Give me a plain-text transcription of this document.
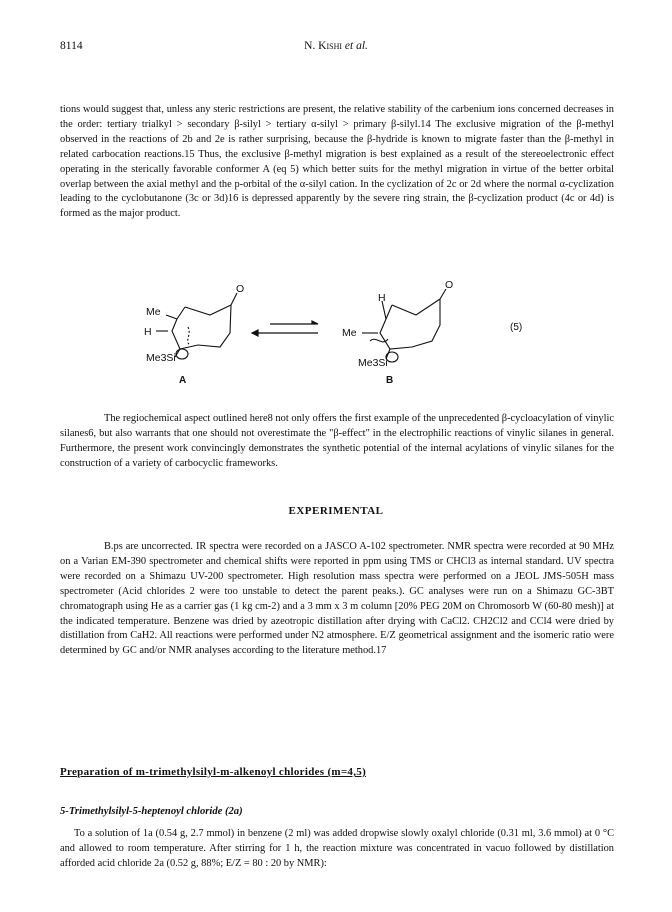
8114	N. Kishi et al.

tions would suggest that, unless any steric restrictions are present, the relative stability of the carbenium ions concerned decreases in the order: tertiary trialkyl > secondary β-silyl > tertiary α-silyl > primary β-silyl.14 The exclusive migration of the β-methyl observed in the reactions of 2b and 2e is rather surprising, because the β-hydride is known to migrate faster than the β-methyl in related carbocation reactions.15 Thus, the exclusive β-methyl migration is best explained as a result of the stereoelectronic effect operating in the sterically favorable conformer A (eq 5) which better suits for the methyl migration in virtue of the better orbital overlap between the axial methyl and the p-orbital of the α-silyl cation. In the cyclization of 2c or 2d where the normal α-cyclization leading to the cyclobutanone (3c or 3d)16 is depressed apparently by the severe ring strain, the β-cyclization product (4c or 4d) is formed as the major product.

Me
H
Me3Si
O
A
H
Me
Me3Si
O
B
(5)

The regiochemical aspect outlined here8 not only offers the first example of the unprecedented β-cycloacylation of vinylic silanes6, but also warrants that one should not overestimate the "β-effect" in the electrophilic reactions of vinylic silanes in general. Furthermore, the present work convincingly demonstrates the synthetic potential of the internal acylations of vinylic silanes for the construction of a variety of carbocyclic frameworks.

EXPERIMENTAL

B.ps are uncorrected. IR spectra were recorded on a JASCO A-102 spectrometer. NMR spectra were recorded at 90 MHz on a Varian EM-390 spectrometer and chemical shifts were reported in ppm using TMS or CHCl3 as internal standard. UV spectra were recorded on a Shimazu UV-200 spectrometer. High resolution mass spectra were performed on a JEOL JMS-505H mass spectrometer (Acid chlorides 2 were too unstable to detect the parent peaks.). GC analyses were run on a Shimazu GC-3BT chromatograph using He as a carrier gas (1 kg cm-2) and a 3 mm x 3 m column [20% PEG 20M on Chromosorb W (60-80 mesh)] at the indicated temperature. Benzene was dried by azeotropic distillation after drying with CaCl2. CH2Cl2 and CCl4 were dried by distillation from CaH2. All reactions were performed under N2 atmosphere. E/Z geometrical assignment and the isomeric ratio were determined by GC and/or NMR analyses according to the literature method.17

Preparation of m-trimethylsilyl-m-alkenoyl chlorides (m=4,5)
5-Trimethylsilyl-5-heptenoyl chloride (2a)

To a solution of 1a (0.54 g, 2.7 mmol) in benzene (2 ml) was added dropwise slowly oxalyl chloride (0.31 ml, 3.6 mmol) at 0 °C and allowed to room temperature. After stirring for 1 h, the reaction mixture was concentrated in vacuo followed by distillation afforded acid chloride 2a (0.52 g, 88%; E/Z = 80 : 20 by NMR):
